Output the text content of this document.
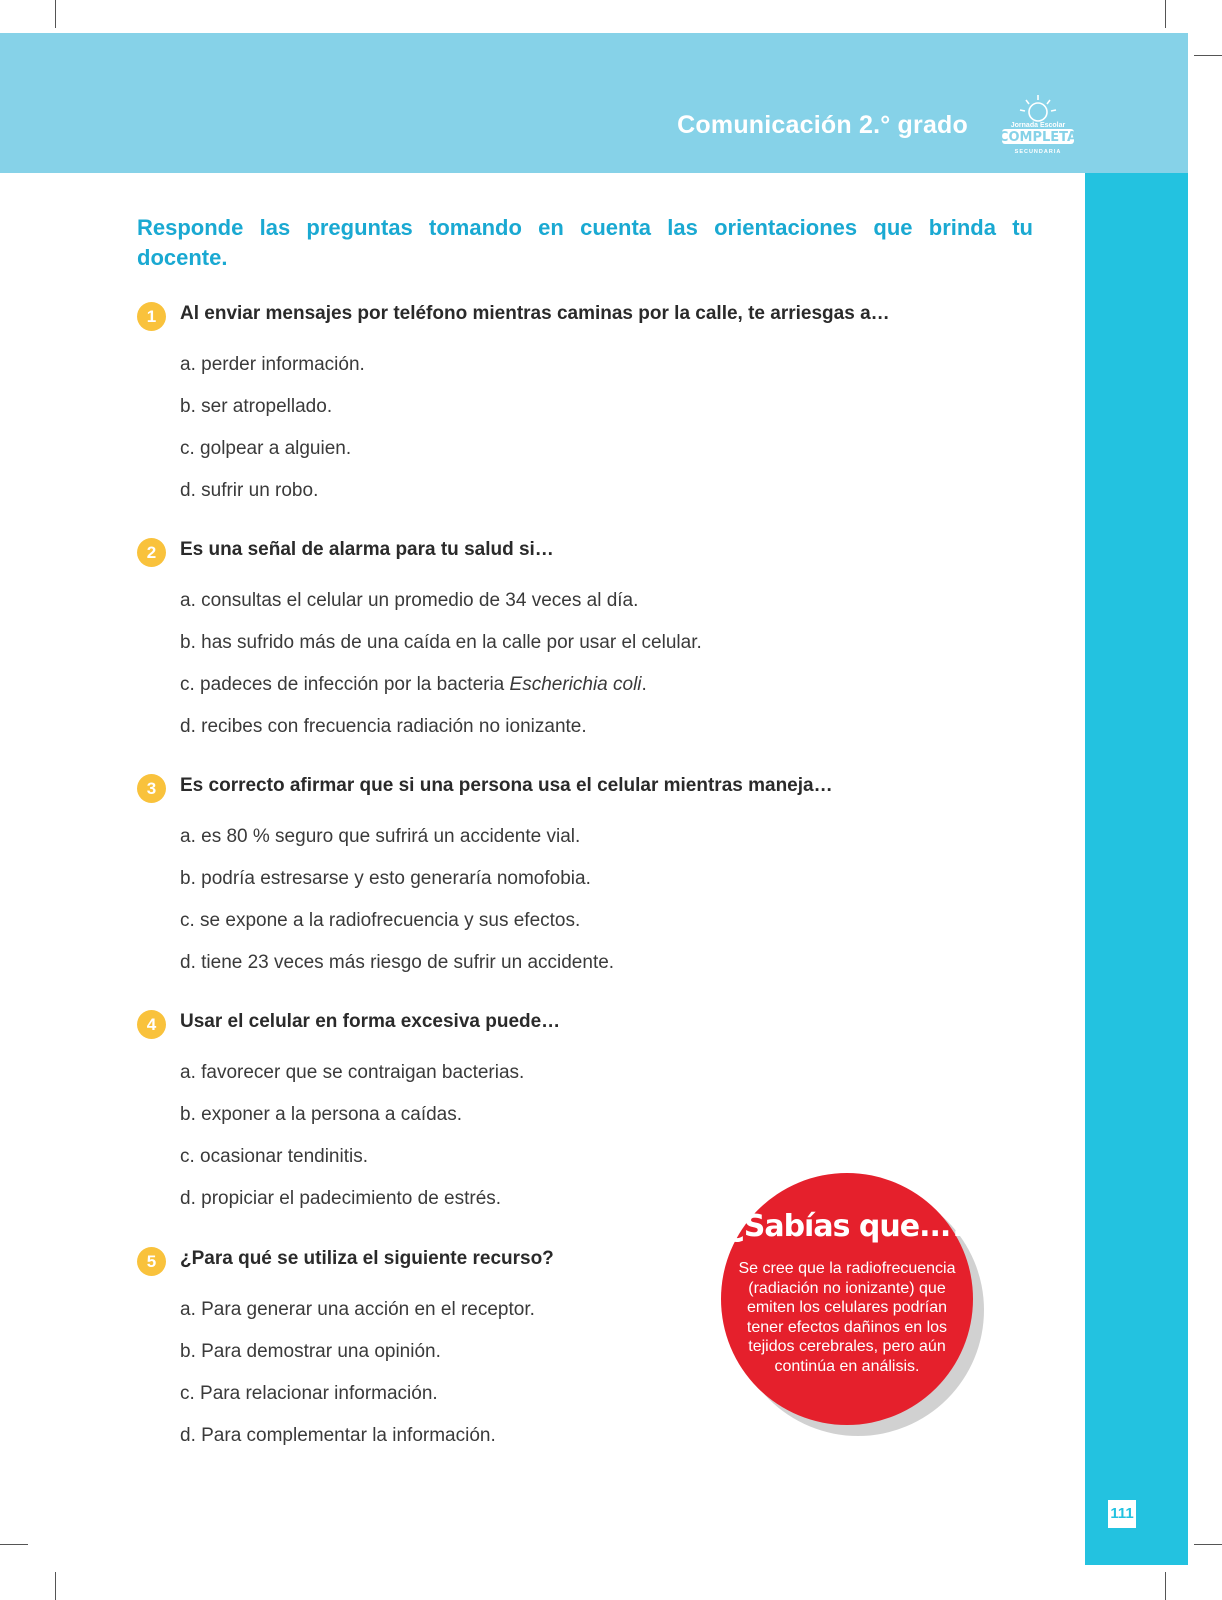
Comunicación 2.° grado	Jornada Escolar
COMPLETA
SECUNDARIA
111
Responde las preguntas tomando en cuenta las orientaciones que brinda tu docente.
1	Al enviar mensajes por teléfono mientras caminas por la calle, te arriesgas a…
a. perder información.
b. ser atropellado.
c. golpear a alguien.
d. sufrir un robo.
2	Es una señal de alarma para tu salud si…
a. consultas el celular un promedio de 34 veces al día.
b. has sufrido más de una caída en la calle por usar el celular.
c. padeces de infección por la bacteria Escherichia coli.
d. recibes con frecuencia radiación no ionizante.
3	Es correcto afirmar que si una persona usa el celular mientras maneja…
a. es 80 % seguro que sufrirá un accidente vial.
b. podría estresarse y esto generaría nomofobia.
c. se expone a la radiofrecuencia y sus efectos.
d. tiene 23 veces más riesgo de sufrir un accidente.
4	Usar el celular en forma excesiva puede…
a. favorecer que se contraigan bacterias.
b. exponer a la persona a caídas.
c. ocasionar tendinitis.
d. propiciar el padecimiento de estrés.
5	¿Para qué se utiliza el siguiente recurso?
a. Para generar una acción en el receptor.
b. Para demostrar una opinión.
c. Para relacionar información.
d. Para complementar la información.
¿Sabías que...?
Se cree que la radiofrecuencia (radiación no ionizante) que emiten los celulares podrían tener efectos dañinos en los tejidos cerebrales, pero aún continúa en análisis.
